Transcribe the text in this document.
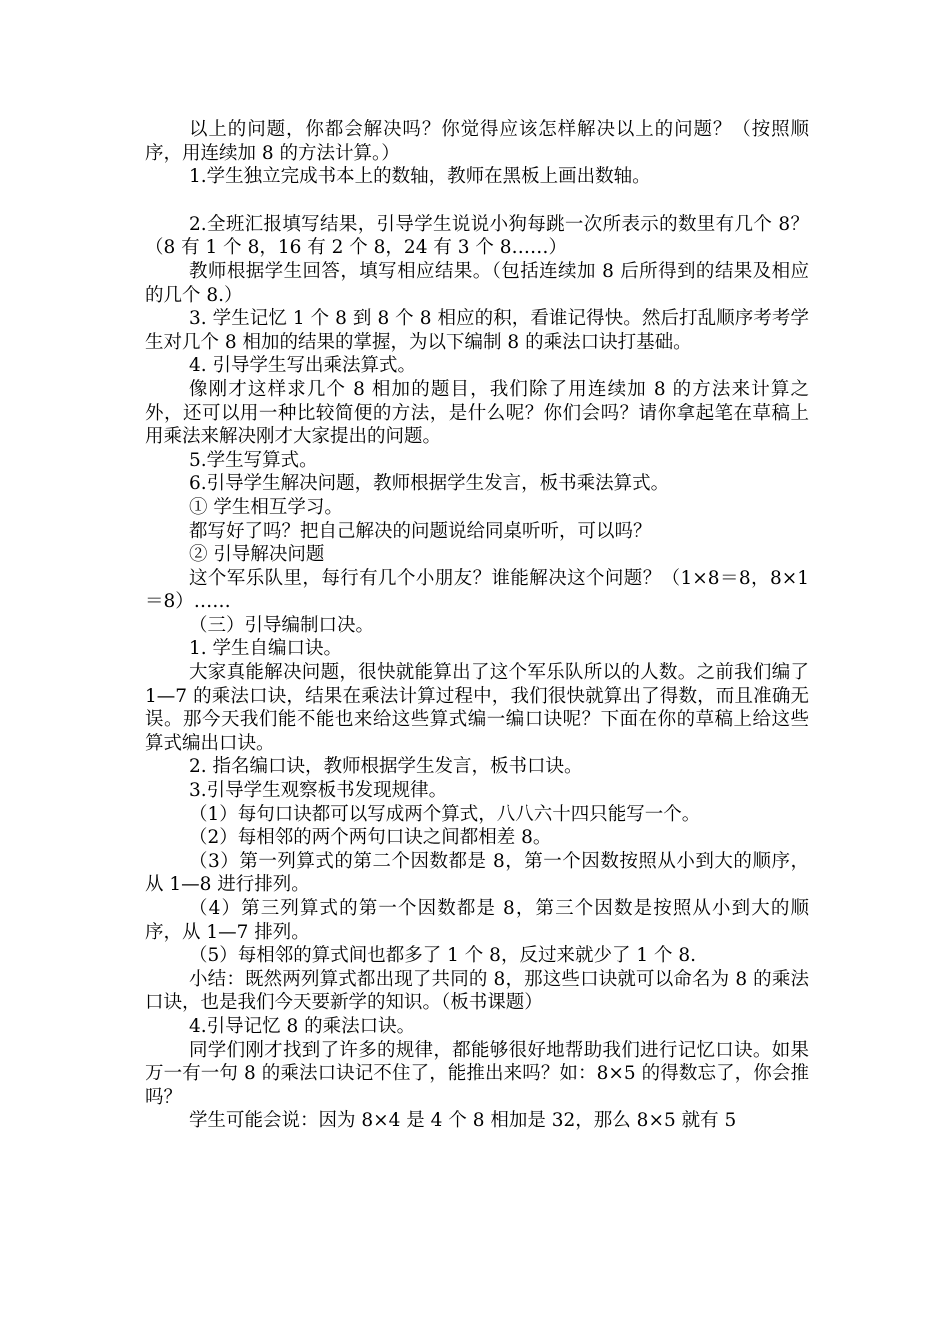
以上的问题，你都会解决吗？你觉得应该怎样解决以上的问题？（按照顺序，用连续加 8 的方法计算。）

1.学生独立完成书本上的数轴，教师在黑板上画出数轴。

2.全班汇报填写结果，引导学生说说小狗每跳一次所表示的数里有几个 8？（8 有 1 个 8，16 有 2 个 8，24 有 3 个 8……）

教师根据学生回答，填写相应结果。（包括连续加 8 后所得到的结果及相应的几个 8.）

3. 学生记忆 1 个 8 到 8 个 8 相应的积，看谁记得快。然后打乱顺序考考学生对几个 8 相加的结果的掌握，为以下编制 8 的乘法口诀打基础。

4. 引导学生写出乘法算式。

像刚才这样求几个 8 相加的题目，我们除了用连续加 8 的方法来计算之外，还可以用一种比较简便的方法，是什么呢？你们会吗？请你拿起笔在草稿上用乘法来解决刚才大家提出的问题。

5.学生写算式。

6.引导学生解决问题，教师根据学生发言，板书乘法算式。

① 学生相互学习。

都写好了吗？把自己解决的问题说给同桌听听，可以吗？

② 引导解决问题

这个军乐队里，每行有几个小朋友？谁能解决这个问题？（1×8＝8，8×1＝8）……

（三）引导编制口决。

1. 学生自编口诀。

大家真能解决问题，很快就能算出了这个军乐队所以的人数。之前我们编了 1—7 的乘法口诀，结果在乘法计算过程中，我们很快就算出了得数，而且准确无误。那今天我们能不能也来给这些算式编一编口诀呢？下面在你的草稿上给这些算式编出口诀。

2. 指名编口诀，教师根据学生发言，板书口诀。

3.引导学生观察板书发现规律。

（1）每句口诀都可以写成两个算式，八八六十四只能写一个。

（2）每相邻的两个两句口诀之间都相差 8。

（3）第一列算式的第二个因数都是 8，第一个因数按照从小到大的顺序，从 1—8 进行排列。

（4）第三列算式的第一个因数都是 8，第三个因数是按照从小到大的顺序，从 1—7 排列。

（5）每相邻的算式间也都多了 1 个 8，反过来就少了 1 个 8.

小结：既然两列算式都出现了共同的 8，那这些口诀就可以命名为 8 的乘法口诀，也是我们今天要新学的知识。（板书课题）

4.引导记忆 8 的乘法口诀。

同学们刚才找到了许多的规律，都能够很好地帮助我们进行记忆口诀。如果万一有一句 8 的乘法口诀记不住了，能推出来吗？如：8×5 的得数忘了，你会推吗？

学生可能会说：因为 8×4 是 4 个 8 相加是 32，那么 8×5 就有 5
